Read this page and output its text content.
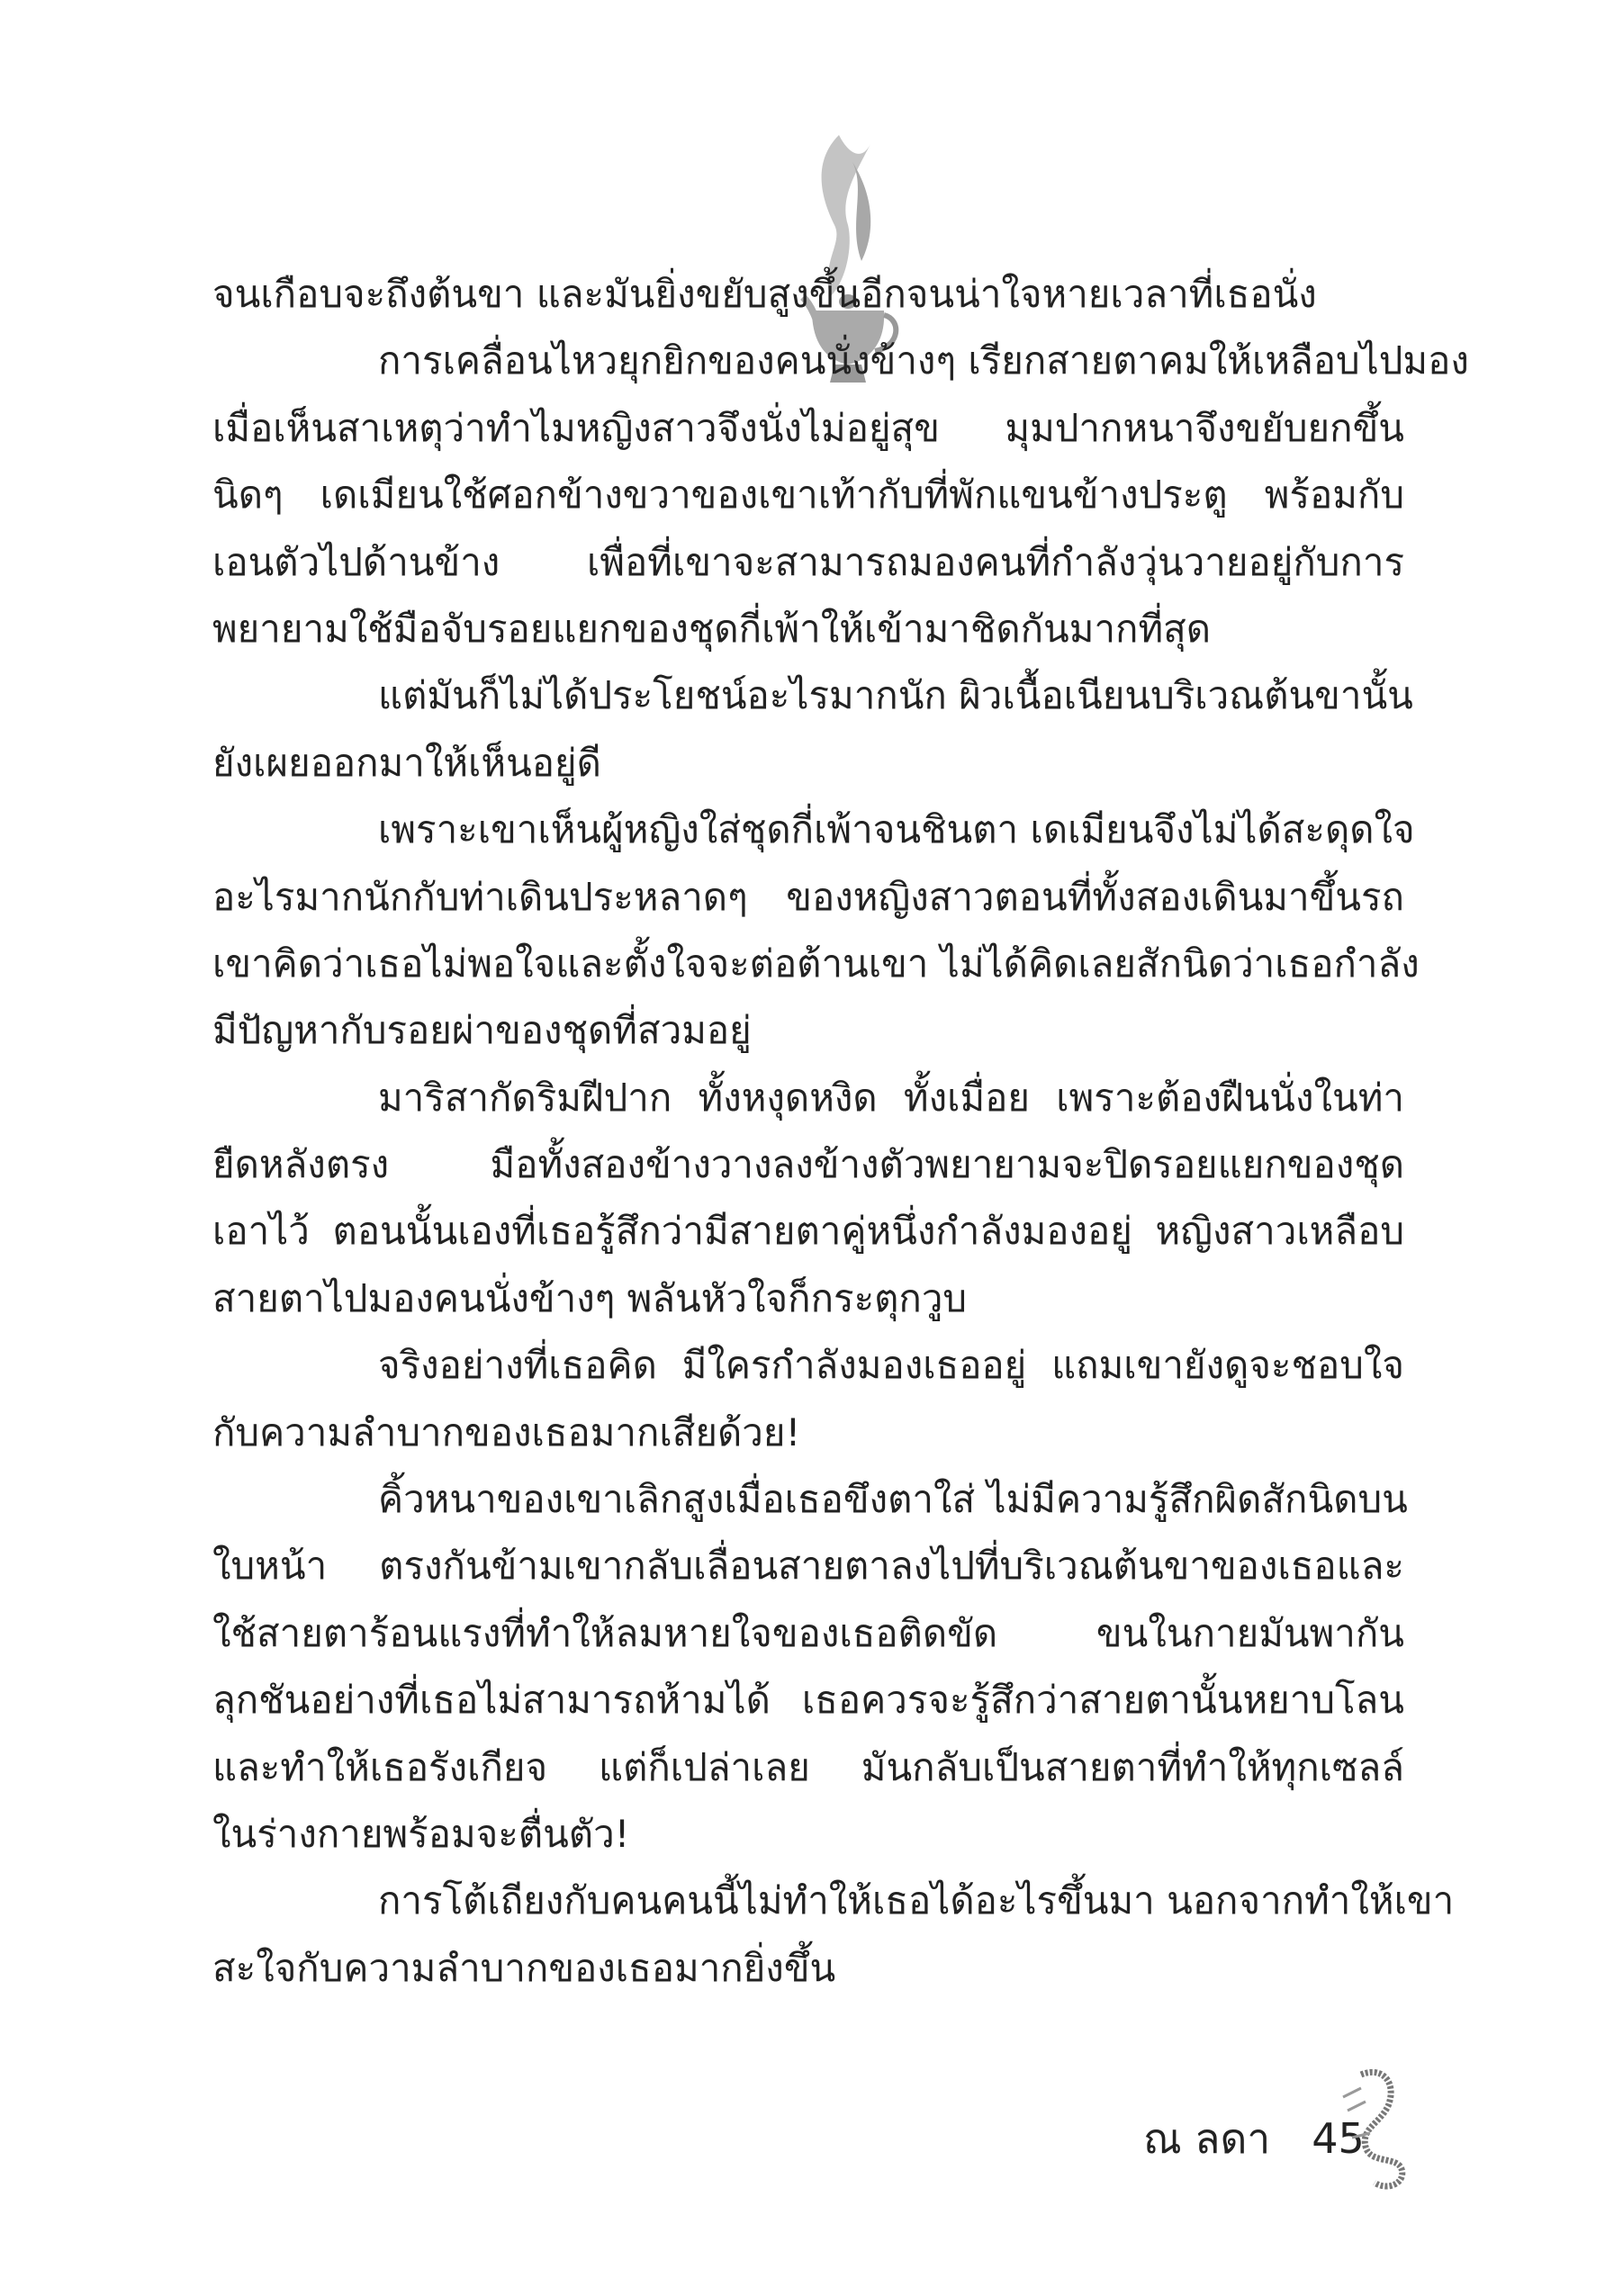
จนเกือบจะถึงต้นขา และมันยิ่งขยับสูงขึ้นอีกจนน่าใจหายเวลาที่เธอนั่ง
การเคลื่อนไหวยุกยิกของคนนั่งข้างๆ เรียกสายตาคมให้เหลือบไปมอง
เมื่อเห็นสาเหตุว่าทำไมหญิงสาวจึงนั่งไม่อยู่สุข มุมปากหนาจึงขยับยกขึ้น
นิดๆ เดเมียนใช้ศอกข้างขวาของเขาเท้ากับที่พักแขนข้างประตู พร้อมกับ
เอนตัวไปด้านข้าง เพื่อที่เขาจะสามารถมองคนที่กำลังวุ่นวายอยู่กับการ
พยายามใช้มือจับรอยแยกของชุดกี่เพ้าให้เข้ามาชิดกันมากที่สุด
แต่มันก็ไม่ได้ประโยชน์อะไรมากนัก ผิวเนื้อเนียนบริเวณต้นขานั้น
ยังเผยออกมาให้เห็นอยู่ดี
เพราะเขาเห็นผู้หญิงใส่ชุดกี่เพ้าจนชินตา เดเมียนจึงไม่ได้สะดุดใจ
อะไรมากนักกับท่าเดินประหลาดๆ ของหญิงสาวตอนที่ทั้งสองเดินมาขึ้นรถ
เขาคิดว่าเธอไม่พอใจและตั้งใจจะต่อต้านเขา ไม่ได้คิดเลยสักนิดว่าเธอกำลัง
มีปัญหากับรอยผ่าของชุดที่สวมอยู่
มาริสากัดริมฝีปาก ทั้งหงุดหงิด ทั้งเมื่อย เพราะต้องฝืนนั่งในท่า
ยืดหลังตรง มือทั้งสองข้างวางลงข้างตัวพยายามจะปิดรอยแยกของชุด
เอาไว้ ตอนนั้นเองที่เธอรู้สึกว่ามีสายตาคู่หนึ่งกำลังมองอยู่ หญิงสาวเหลือบ
สายตาไปมองคนนั่งข้างๆ พลันหัวใจก็กระตุกวูบ
จริงอย่างที่เธอคิด มีใครกำลังมองเธออยู่ แถมเขายังดูจะชอบใจ
กับความลำบากของเธอมากเสียด้วย!
คิ้วหนาของเขาเลิกสูงเมื่อเธอขึงตาใส่ ไม่มีความรู้สึกผิดสักนิดบน
ใบหน้า ตรงกันข้ามเขากลับเลื่อนสายตาลงไปที่บริเวณต้นขาของเธอและ
ใช้สายตาร้อนแรงที่ทำให้ลมหายใจของเธอติดขัด ขนในกายมันพากัน
ลุกชันอย่างที่เธอไม่สามารถห้ามได้ เธอควรจะรู้สึกว่าสายตานั้นหยาบโลน
และทำให้เธอรังเกียจ แต่ก็เปล่าเลย มันกลับเป็นสายตาที่ทำให้ทุกเซลล์
ในร่างกายพร้อมจะตื่นตัว!
การโต้เถียงกับคนคนนี้ไม่ทำให้เธอได้อะไรขึ้นมา นอกจากทำให้เขา
สะใจกับความลำบากของเธอมากยิ่งขึ้น
ณ ลดา 45
